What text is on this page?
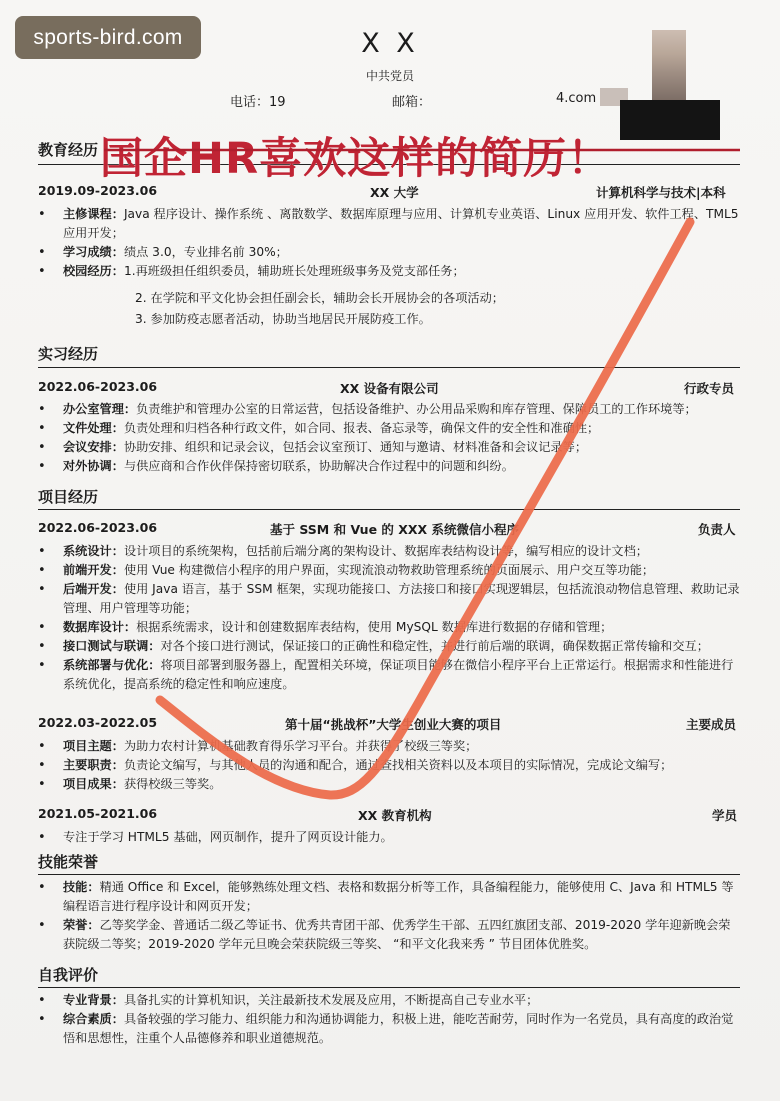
X X
中共党员
电话：19	邮箱：	4.com
教育经历
2019.09-2023.06	XX 大学	计算机科学与技术|本科
• 主修课程：Java 程序设计、操作系统 、离散数学、数据库原理与应用、计算机专业英语、Linux 应用开发、软件工程、TML5 应用开发；
• 学习成绩：绩点 3.0，专业排名前 30%；
• 校园经历：1.再班级担任组织委员，辅助班长处理班级事务及党支部任务；
2. 在学院和平文化协会担任副会长，辅助会长开展协会的各项活动；
3. 参加防疫志愿者活动，协助当地居民开展防疫工作。
实习经历
2022.06-2023.06	XX 设备有限公司	行政专员
• 办公室管理：负责维护和管理办公室的日常运营，包括设备维护、办公用品采购和库存管理、保障员工的工作环境等；
• 文件处理：负责处理和归档各种行政文件，如合同、报表、备忘录等，确保文件的安全性和准确性；
• 会议安排：协助安排、组织和记录会议，包括会议室预订、通知与邀请、材料准备和会议记录等；
• 对外协调：与供应商和合作伙伴保持密切联系，协助解决合作过程中的问题和纠纷。
项目经历
2022.06-2023.06	基于 SSM 和 Vue 的 XXX 系统微信小程序	负责人
• 系统设计：设计项目的系统架构，包括前后端分离的架构设计、数据库表结构设计等，编写相应的设计文档；
• 前端开发：使用 Vue 构建微信小程序的用户界面，实现流浪动物救助管理系统的页面展示、用户交互等功能；
• 后端开发：使用 Java 语言，基于 SSM 框架，实现功能接口、方法接口和接口实现逻辑层，包括流浪动物信息管理、救助记录管理、用户管理等功能；
• 数据库设计：根据系统需求，设计和创建数据库表结构，使用 MySQL 数据库进行数据的存储和管理；
• 接口测试与联调：对各个接口进行测试，保证接口的正确性和稳定性，并进行前后端的联调，确保数据正常传输和交互；
• 系统部署与优化：将项目部署到服务器上，配置相关环境，保证项目能够在微信小程序平台上正常运行。根据需求和性能进行系统优化，提高系统的稳定性和响应速度。
2022.03-2022.05	第十届“挑战杯”大学生创业大赛的项目	主要成员
• 项目主题：为助力农村计算机基础教育得乐学习平台。并获得了校级三等奖；
• 主要职责：负责论文编写，与其他人员的沟通和配合，通过查找相关资料以及本项目的实际情况，完成论文编写；
• 项目成果：获得校级三等奖。
2021.05-2021.06	XX 教育机构	学员
• 专注于学习 HTML5 基础，网页制作，提升了网页设计能力。
技能荣誉
• 技能：精通 Office 和 Excel，能够熟练处理文档、表格和数据分析等工作，具备编程能力，能够使用 C、Java 和 HTML5 等编程语言进行程序设计和网页开发；
• 荣誉：乙等奖学金、普通话二级乙等证书、优秀共青团干部、优秀学生干部、五四红旗团支部、2019-2020 学年迎新晚会荣获院级二等奖；2019-2020 学年元旦晚会荣获院级三等奖、 “和平文化我来秀 ” 节目团体优胜奖。
自我评价
• 专业背景：具备扎实的计算机知识，关注最新技术发展及应用，不断提高自己专业水平；
• 综合素质：具备较强的学习能力、组织能力和沟通协调能力，积极上进，能吃苦耐劳，同时作为一名党员，具有高度的政治觉悟和思想性，注重个人品德修养和职业道德规范。
国企HR喜欢这样的简历！
sports-bird.com
